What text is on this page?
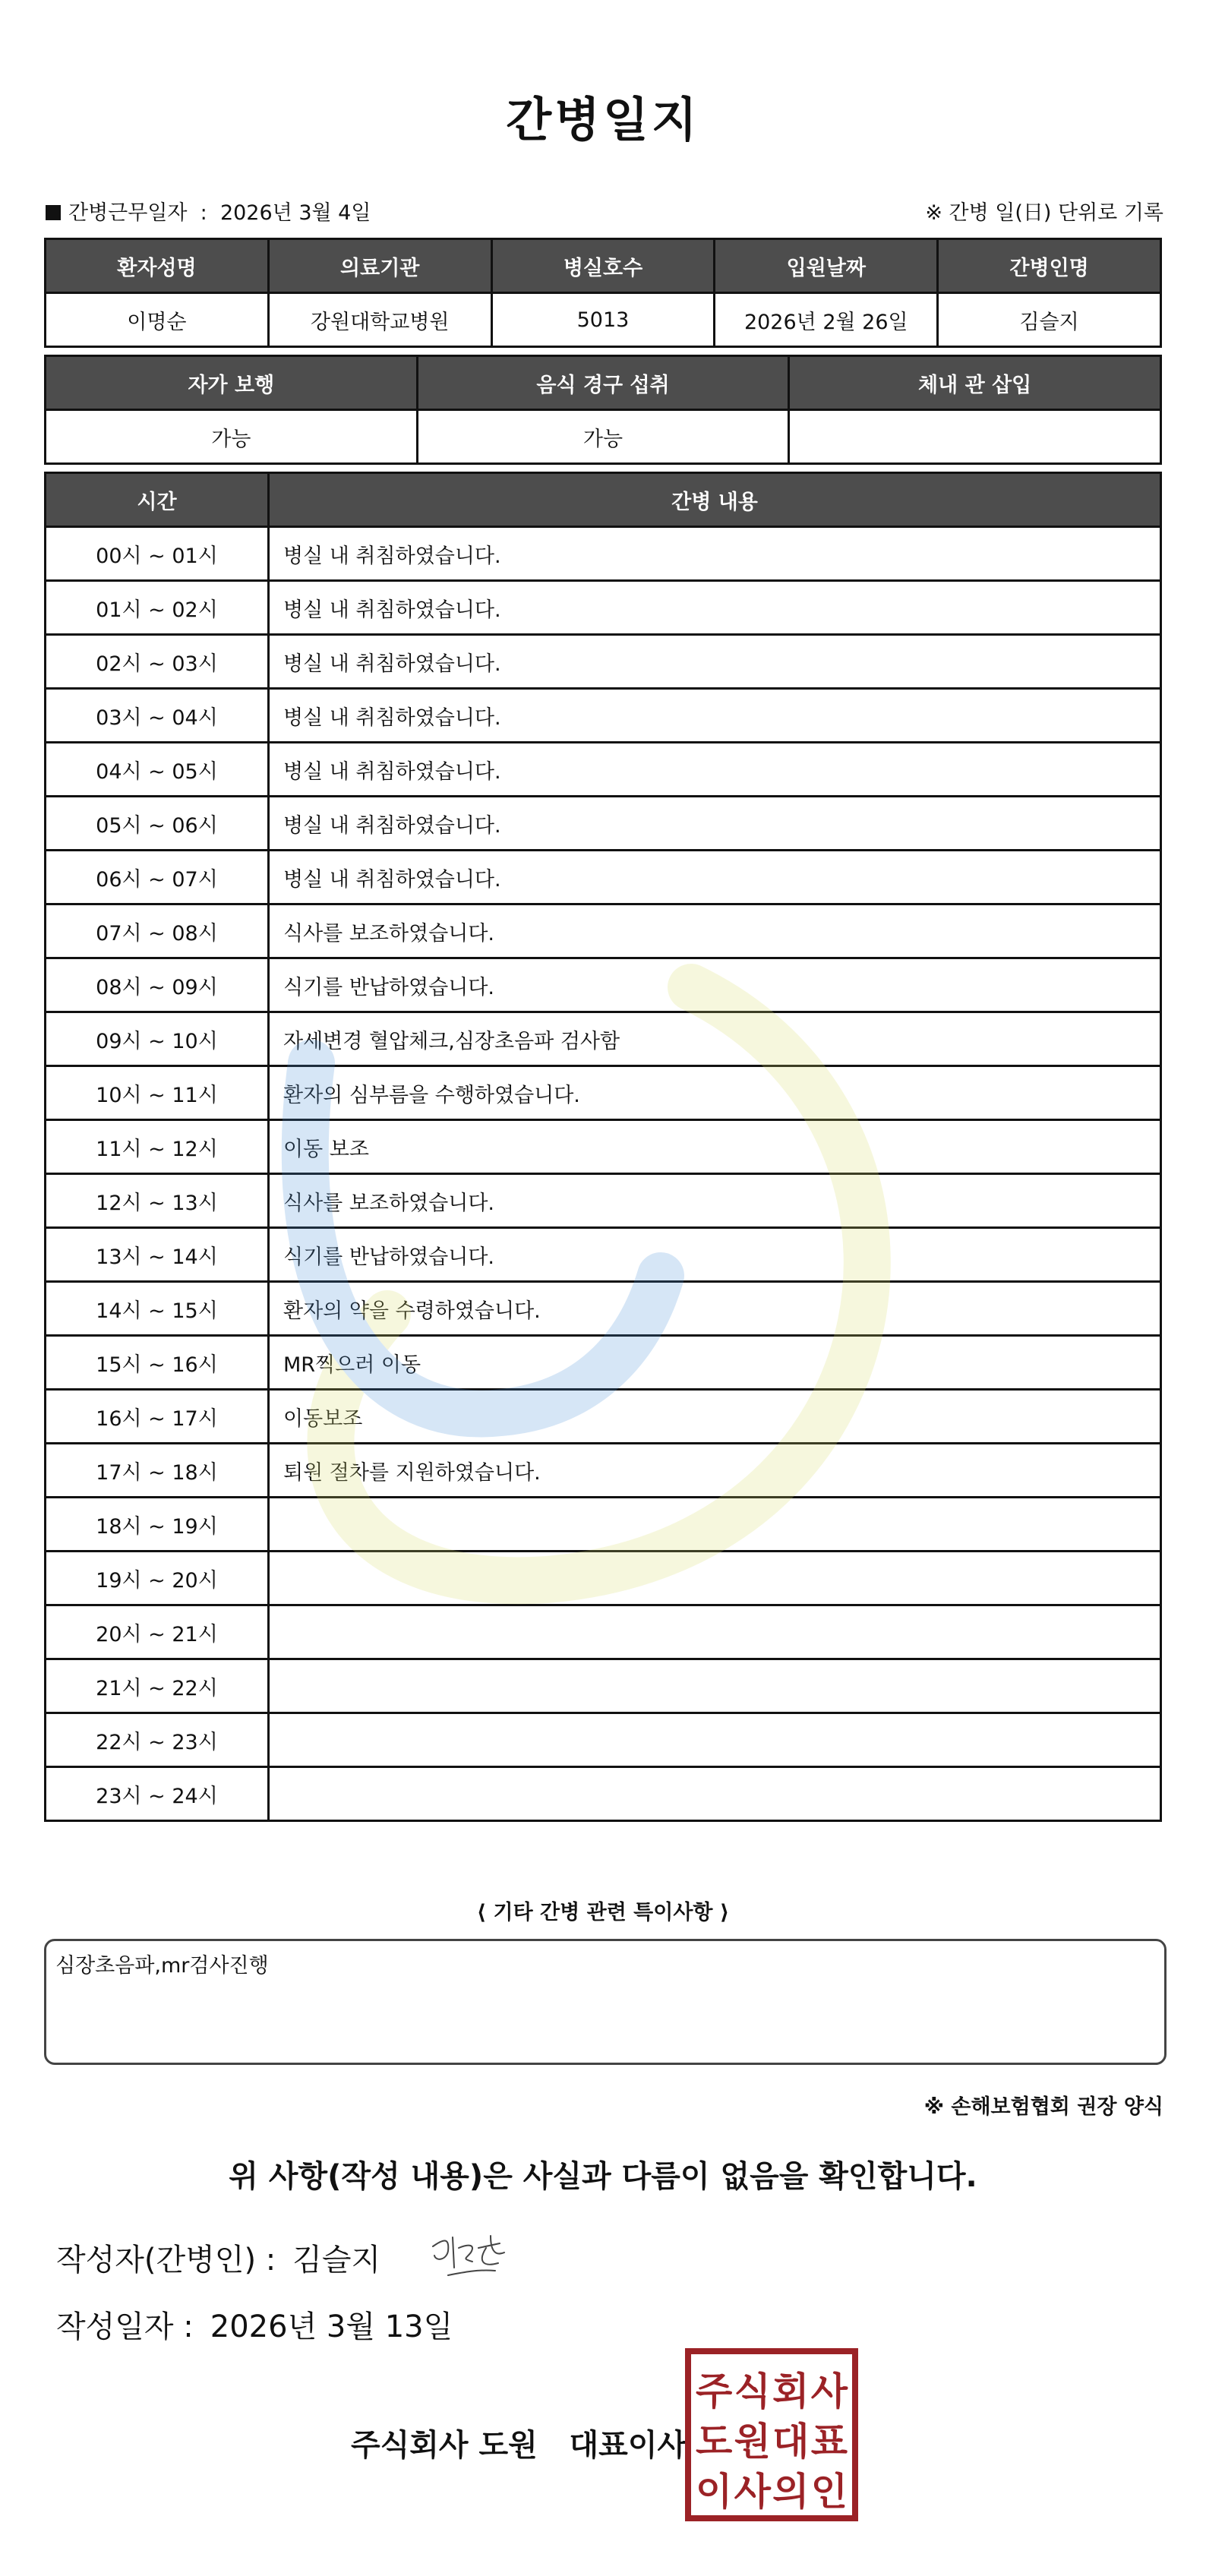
간병일지
간병근무일자 : 2026년 3월 4일	※ 간병 일(日) 단위로 기록
환자성명	의료기관	병실호수	입원날짜	간병인명
이명순	강원대학교병원	5013	2026년 2월 26일	김슬지
자가 보행	음식 경구 섭취	체내 관 삽입
가능	가능	
시간	간병 내용
00시 ~ 01시	병실 내 취침하였습니다.
01시 ~ 02시	병실 내 취침하였습니다.
02시 ~ 03시	병실 내 취침하였습니다.
03시 ~ 04시	병실 내 취침하였습니다.
04시 ~ 05시	병실 내 취침하였습니다.
05시 ~ 06시	병실 내 취침하였습니다.
06시 ~ 07시	병실 내 취침하였습니다.
07시 ~ 08시	식사를 보조하였습니다.
08시 ~ 09시	식기를 반납하였습니다.
09시 ~ 10시	자세변경 혈압체크,심장초음파 검사함
10시 ~ 11시	환자의 심부름을 수행하였습니다.
11시 ~ 12시	이동 보조
12시 ~ 13시	식사를 보조하였습니다.
13시 ~ 14시	식기를 반납하였습니다.
14시 ~ 15시	환자의 약을 수령하였습니다.
15시 ~ 16시	MR찍으러 이동
16시 ~ 17시	이동보조
17시 ~ 18시	퇴원 절차를 지원하였습니다.
18시 ~ 19시	
19시 ~ 20시	
20시 ~ 21시	
21시 ~ 22시	
22시 ~ 23시	
23시 ~ 24시	
⟨ 기타 간병 관련 특이사항 ⟩
심장초음파,mr검사진행
※ 손해보험협회 권장 양식
위 사항(작성 내용)은 사실과 다름이 없음을 확인합니다.
작성자(간병인) : 김슬지
작성일자 : 2026년 3월 13일
주식회사 도원   대표이사
주식회사
도원대표
이사의인
